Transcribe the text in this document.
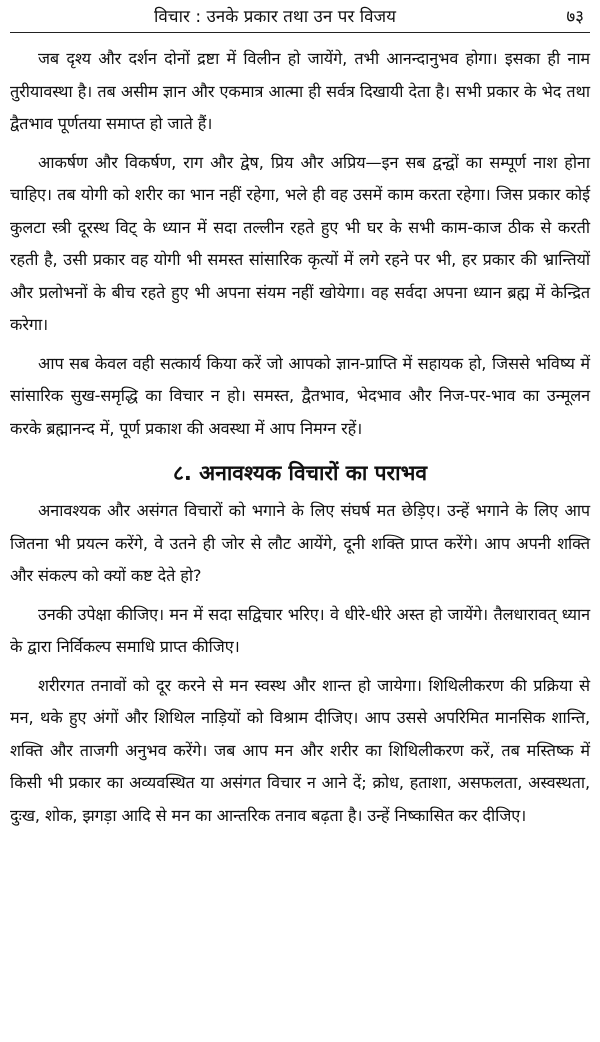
विचार : उनके प्रकार तथा उन पर विजय	७३

जब दृश्य और दर्शन दोनों द्रष्टा में विलीन हो जायेंगे, तभी आनन्दानुभव होगा। इसका ही नाम तुरीयावस्था है। तब असीम ज्ञान और एकमात्र आत्मा ही सर्वत्र दिखायी देता है। सभी प्रकार के भेद तथा द्वैतभाव पूर्णतया समाप्त हो जाते हैं।

आकर्षण और विकर्षण, राग और द्वेष, प्रिय और अप्रिय—इन सब द्वन्द्वों का सम्पूर्ण नाश होना चाहिए। तब योगी को शरीर का भान नहीं रहेगा, भले ही वह उसमें काम करता रहेगा। जिस प्रकार कोई कुलटा स्त्री दूरस्थ विट् के ध्यान में सदा तल्लीन रहते हुए भी घर के सभी काम-काज ठीक से करती रहती है, उसी प्रकार वह योगी भी समस्त सांसारिक कृत्यों में लगे रहने पर भी, हर प्रकार की भ्रान्तियों और प्रलोभनों के बीच रहते हुए भी अपना संयम नहीं खोयेगा। वह सर्वदा अपना ध्यान ब्रह्म में केन्द्रित करेगा।

आप सब केवल वही सत्कार्य किया करें जो आपको ज्ञान-प्राप्ति में सहायक हो, जिससे भविष्य में सांसारिक सुख-समृद्धि का विचार न हो। समस्त, द्वैतभाव, भेदभाव और निज-पर-भाव का उन्मूलन करके ब्रह्मानन्द में, पूर्ण प्रकाश की अवस्था में आप निमग्न रहें।

८. अनावश्यक विचारों का पराभव

अनावश्यक और असंगत विचारों को भगाने के लिए संघर्ष मत छेड़िए। उन्हें भगाने के लिए आप जितना भी प्रयत्न करेंगे, वे उतने ही जोर से लौट आयेंगे, दूनी शक्ति प्राप्त करेंगे। आप अपनी शक्ति और संकल्प को क्यों कष्ट देते हो?

उनकी उपेक्षा कीजिए। मन में सदा सद्विचार भरिए। वे धीरे-धीरे अस्त हो जायेंगे। तैलधारावत् ध्यान के द्वारा निर्विकल्प समाधि प्राप्त कीजिए।

शरीरगत तनावों को दूर करने से मन स्वस्थ और शान्त हो जायेगा। शिथिलीकरण की प्रक्रिया से मन, थके हुए अंगों और शिथिल नाड़ियों को विश्राम दीजिए। आप उससे अपरिमित मानसिक शान्ति, शक्ति और ताजगी अनुभव करेंगे। जब आप मन और शरीर का शिथिलीकरण करें, तब मस्तिष्क में किसी भी प्रकार का अव्यवस्थित या असंगत विचार न आने दें; क्रोध, हताशा, असफलता, अस्वस्थता, दुःख, शोक, झगड़ा आदि से मन का आन्तरिक तनाव बढ़ता है। उन्हें निष्कासित कर दीजिए।
